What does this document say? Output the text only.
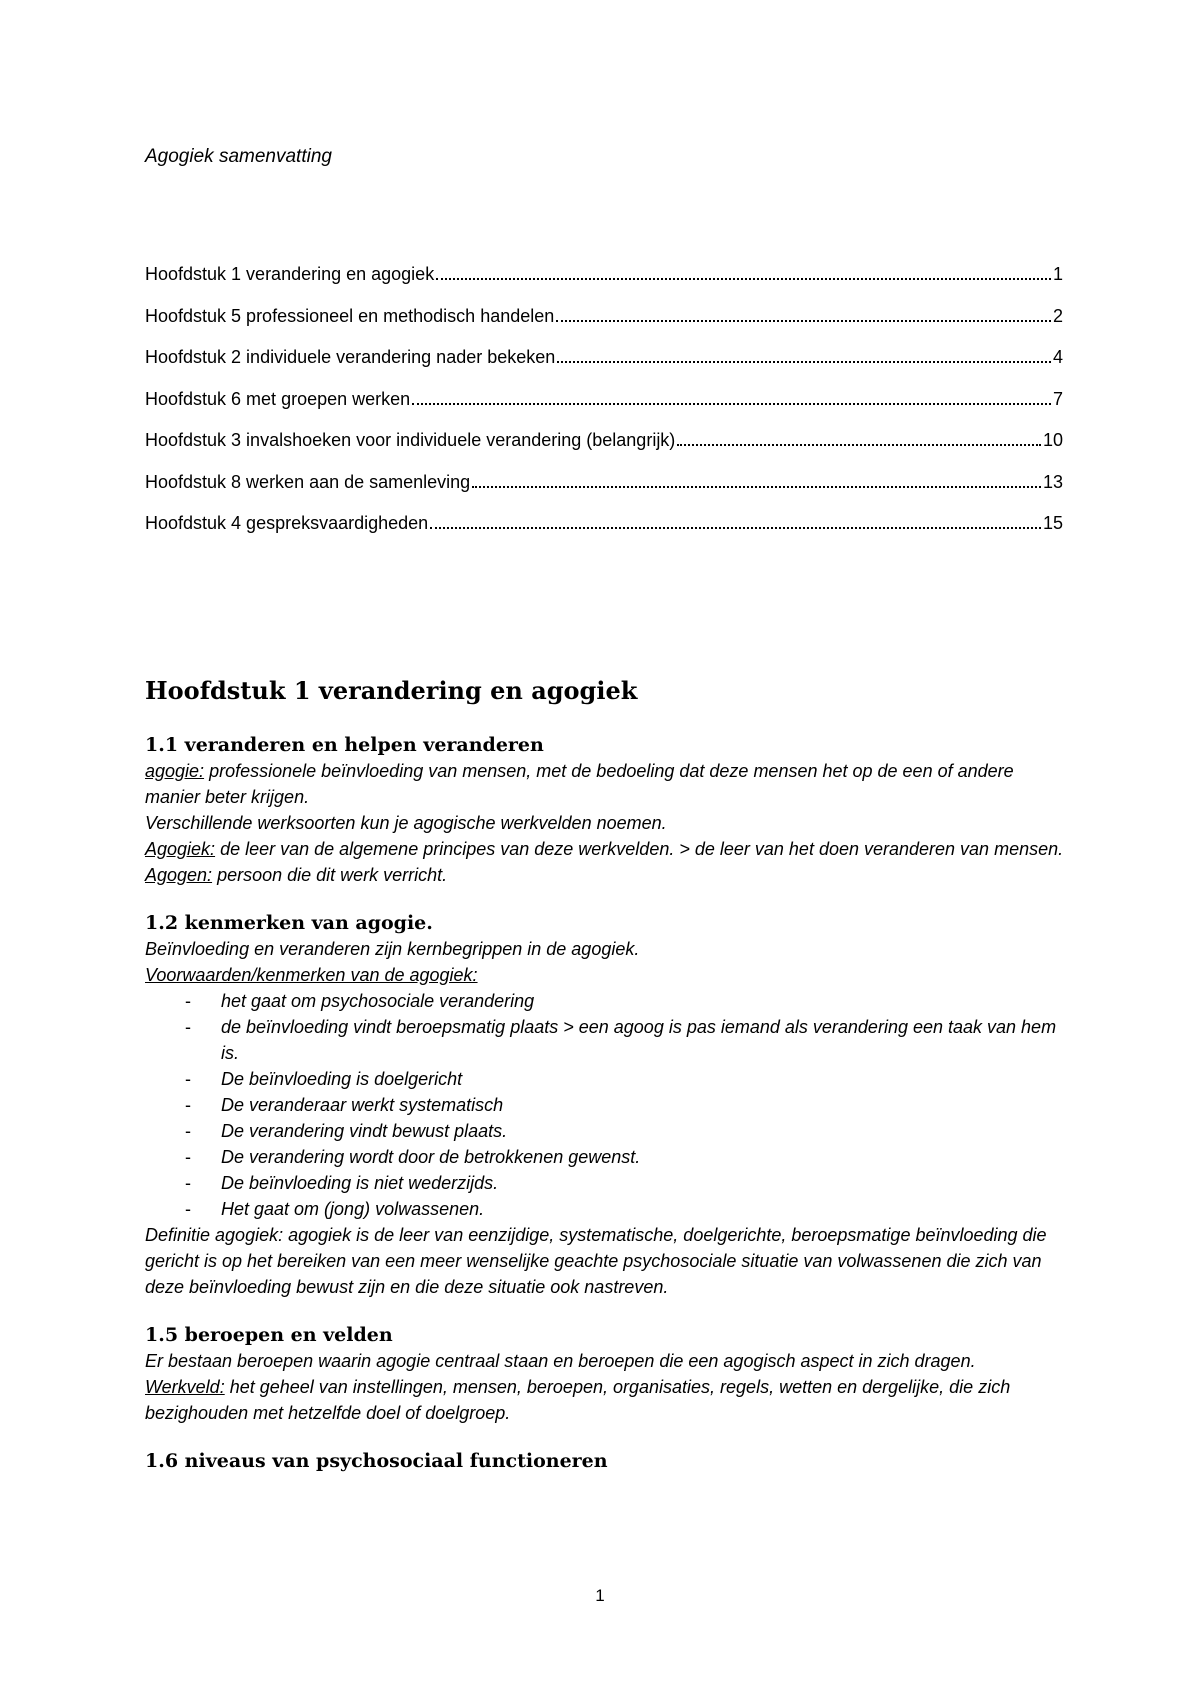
Agogiek samenvatting
Hoofdstuk 1 verandering en agogiek	1
Hoofdstuk 5 professioneel en methodisch handelen	2
Hoofdstuk 2 individuele verandering nader bekeken	4
Hoofdstuk 6 met groepen werken	7
Hoofdstuk 3 invalshoeken voor individuele verandering (belangrijk)	10
Hoofdstuk 8 werken aan de samenleving	13
Hoofdstuk 4 gespreksvaardigheden	15
Hoofdstuk 1 verandering en agogiek
1.1 veranderen en helpen veranderen

agogie: professionele beïnvloeding van mensen, met de bedoeling dat deze mensen het op de een of andere manier beter krijgen.

Verschillende werksoorten kun je agogische werkvelden noemen.

Agogiek: de leer van de algemene principes van deze werkvelden. > de leer van het doen veranderen van mensen.

Agogen: persoon die dit werk verricht.

1.2 kenmerken van agogie.

Beïnvloeding en veranderen zijn kernbegrippen in de agogiek.

Voorwaarden/kenmerken van de agogiek:

- het gaat om psychosociale verandering
- de beïnvloeding vindt beroepsmatig plaats > een agoog is pas iemand als verandering een taak van hem is.
- De beïnvloeding is doelgericht
- De veranderaar werkt systematisch
- De verandering vindt bewust plaats.
- De verandering wordt door de betrokkenen gewenst.
- De beïnvloeding is niet wederzijds.
- Het gaat om (jong) volwassenen.

Definitie agogiek: agogiek is de leer van eenzijdige, systematische, doelgerichte, beroepsmatige beïnvloeding die gericht is op het bereiken van een meer wenselijke geachte psychosociale situatie van volwassenen die zich van deze beïnvloeding bewust zijn en die deze situatie ook nastreven.

1.5 beroepen en velden

Er bestaan beroepen waarin agogie centraal staan en beroepen die een agogisch aspect in zich dragen.

Werkveld: het geheel van instellingen, mensen, beroepen, organisaties, regels, wetten en dergelijke, die zich bezighouden met hetzelfde doel of doelgroep.

1.6 niveaus van psychosociaal functioneren
1
